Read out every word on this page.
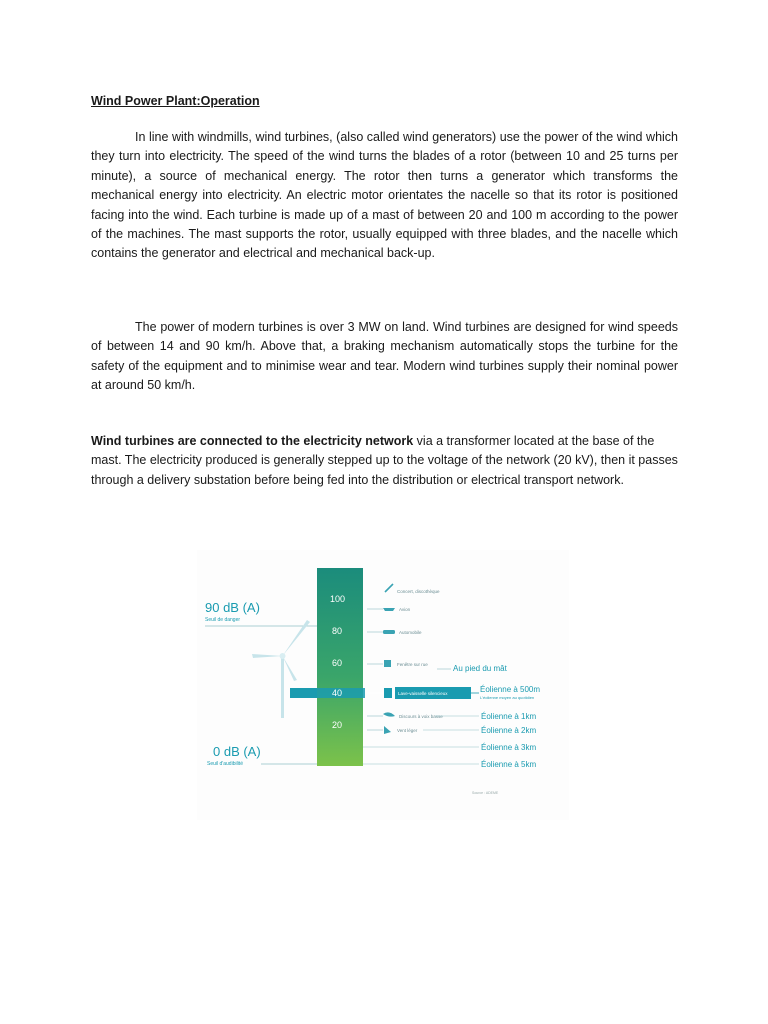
Wind Power Plant:Operation

In line with windmills, wind turbines, (also called wind generators) use the power of the wind which they turn into electricity. The speed of the wind turns the blades of a rotor (between 10 and 25 turns per minute), a source of mechanical energy. The rotor then turns a generator which transforms the mechanical energy into electricity. An electric motor orientates the nacelle so that its rotor is positioned facing into the wind. Each turbine is made up of a mast of between 20 and 100 m according to the power of the machines. The mast supports the rotor, usually equipped with three blades, and the nacelle which contains the generator and electrical and mechanical back-up.

The power of modern turbines is over 3 MW on land. Wind turbines are designed for wind speeds of between 14 and 90 km/h. Above that, a braking mechanism automatically stops the turbine for the safety of the equipment and to minimise wear and tear. Modern wind turbines supply their nominal power at around 50 km/h.

Wind turbines are connected to the electricity network via a transformer located at the base of the mast. The electricity produced is generally stepped up to the voltage of the network (20 kV), then it passes through a delivery substation before being fed into the distribution or electrical transport network.

90 dB (A)
Seuil de danger
0 dB (A)
Seuil d'audibilité
100
80
60
40
20
Concert, discothèque
Avion
Automobile
Fenêtre sur rue
Lave-vaisselle silencieux
Discours à voix basse
Vent léger
Au pied du mât
Éolienne à 500m
L'éolienne moyen au quotidien
Éolienne à 1km
Éolienne à 2km
Éolienne à 3km
Éolienne à 5km
Source : ADEME
